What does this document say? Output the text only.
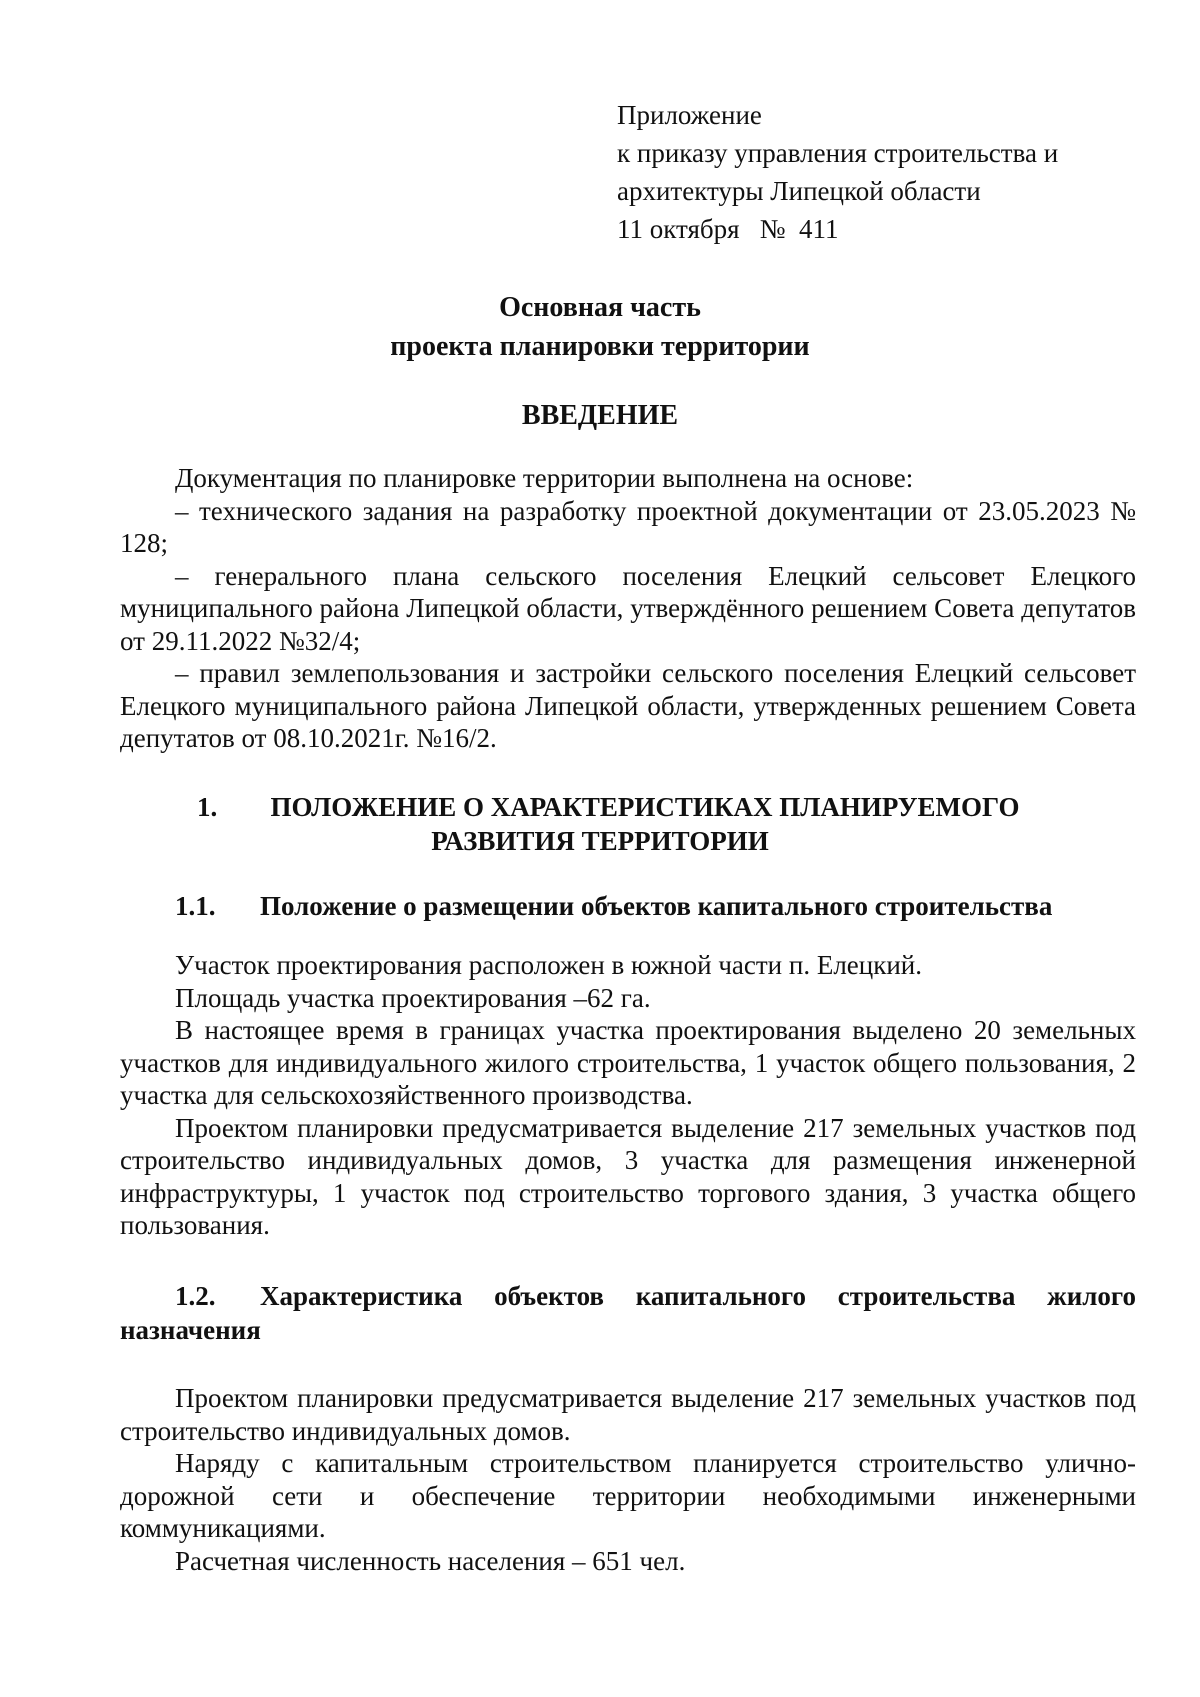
Приложение
к приказу управления строительства и
архитектуры Липецкой области
11 октября   №  411
Основная часть
проекта планировки территории
ВВЕДЕНИЕ

Документация по планировке территории выполнена на основе:

– технического задания на разработку проектной документации от 23.05.2023 № 128;

– генерального плана сельского поселения Елецкий сельсовет Елецкого муниципального района Липецкой области, утверждённого решением Совета депутатов от 29.11.2022 №32/4;

– правил землепользования и застройки сельского поселения Елецкий сельсовет Елецкого муниципального района Липецкой области, утвержденных решением Совета депутатов от 08.10.2021г. №16/2.

1.	ПОЛОЖЕНИЕ О ХАРАКТЕРИСТИКАХ ПЛАНИРУЕМОГО
РАЗВИТИЯ ТЕРРИТОРИИ
1.1. Положение о размещении объектов капитального строительства

Участок проектирования расположен в южной части п. Елецкий.

Площадь участка проектирования –62 га.

В настоящее время в границах участка проектирования выделено 20 земельных участков для индивидуального жилого строительства, 1 участок общего пользования, 2 участка для сельскохозяйственного производства.

Проектом планировки предусматривается выделение 217 земельных участков под строительство индивидуальных домов, 3 участка для размещения инженерной инфраструктуры, 1 участок под строительство торгового здания, 3 участка общего пользования.

1.2. Характеристика объектов капитального строительства жилого назначения

Проектом планировки предусматривается выделение 217 земельных участков под строительство индивидуальных домов.

Наряду с капитальным строительством планируется строительство улично-дорожной сети и обеспечение территории необходимыми инженерными коммуникациями.

Расчетная численность населения – 651 чел.
